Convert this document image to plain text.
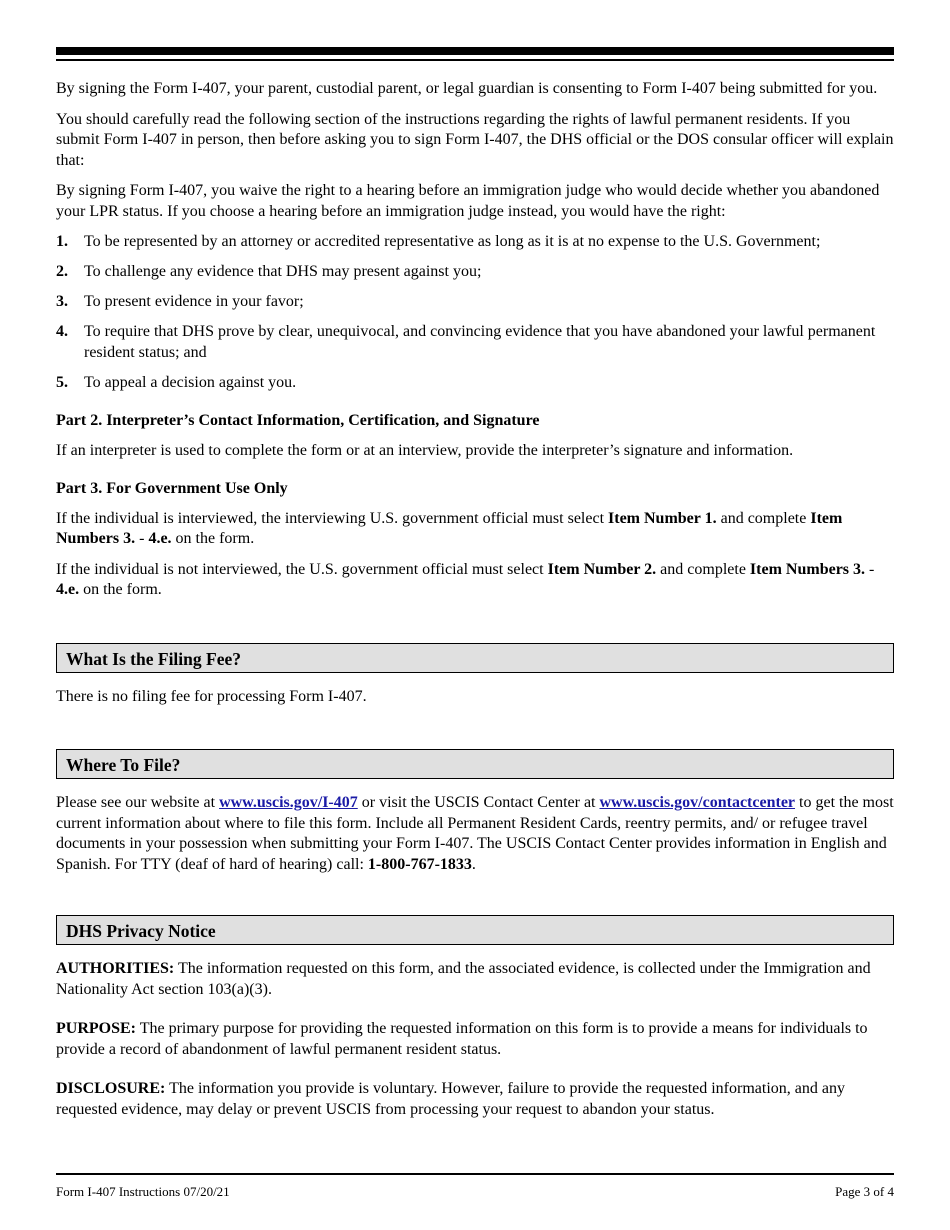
By signing the Form I-407, your parent, custodial parent, or legal guardian is consenting to Form I-407 being submitted for you.

You should carefully read the following section of the instructions regarding the rights of lawful permanent residents. If you submit Form I-407 in person, then before asking you to sign Form I-407, the DHS official or the DOS consular officer will explain that:

By signing Form I-407, you waive the right to a hearing before an immigration judge who would decide whether you abandoned your LPR status. If you choose a hearing before an immigration judge instead, you would have the right:

1.	To be represented by an attorney or accredited representative as long as it is at no expense to the U.S. Government;
2.	To challenge any evidence that DHS may present against you;
3.	To present evidence in your favor;
4.	To require that DHS prove by clear, unequivocal, and convincing evidence that you have abandoned your lawful permanent resident status; and
5.	To appeal a decision against you.
Part 2. Interpreter’s Contact Information, Certification, and Signature

If an interpreter is used to complete the form or at an interview, provide the interpreter’s signature and information.

Part 3. For Government Use Only

If the individual is interviewed, the interviewing U.S. government official must select Item Number 1. and complete Item Numbers 3. - 4.e. on the form.

If the individual is not interviewed, the U.S. government official must select Item Number 2. and complete Item Numbers 3. - 4.e. on the form.

What Is the Filing Fee?

There is no filing fee for processing Form I-407.

Where To File?

Please see our website at www.uscis.gov/I-407 or visit the USCIS Contact Center at www.uscis.gov/contactcenter to get the most current information about where to file this form. Include all Permanent Resident Cards, reentry permits, and/ or refugee travel documents in your possession when submitting your Form I-407. The USCIS Contact Center provides information in English and Spanish. For TTY (deaf of hard of hearing) call: 1-800-767-1833.

DHS Privacy Notice

AUTHORITIES: The information requested on this form, and the associated evidence, is collected under the Immigration and Nationality Act section 103(a)(3).

PURPOSE: The primary purpose for providing the requested information on this form is to provide a means for individuals to provide a record of abandonment of lawful permanent resident status.

DISCLOSURE: The information you provide is voluntary. However, failure to provide the requested information, and any requested evidence, may delay or prevent USCIS from processing your request to abandon your status.

Form I-407 Instructions 07/20/21	Page 3 of 4
